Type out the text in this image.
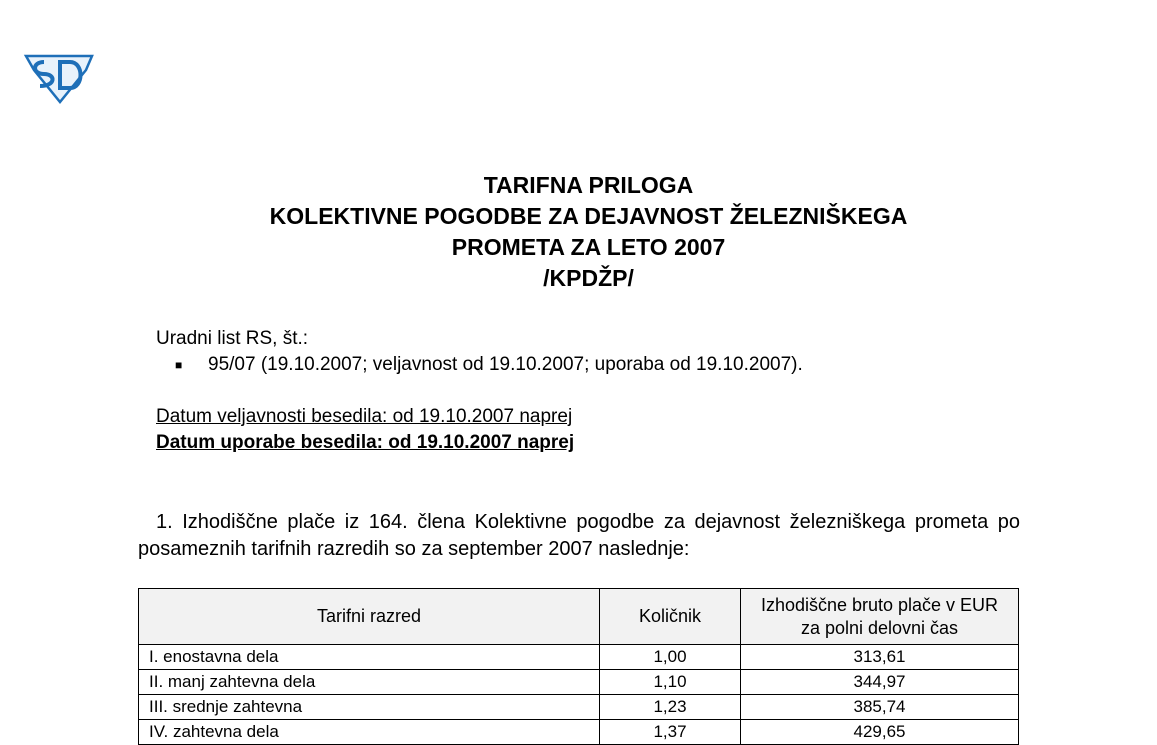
TARIFNA PRILOGA
KOLEKTIVNE POGODBE ZA DEJAVNOST ŽELEZNIŠKEGA
PROMETA ZA LETO 2007
/KPDŽP/
Uradni list RS, št.:
■ 95/07 (19.10.2007; veljavnost od 19.10.2007; uporaba od 19.10.2007).
Datum veljavnosti besedila: od 19.10.2007 naprej
Datum uporabe besedila: od 19.10.2007 naprej
1. Izhodiščne plače iz 164. člena Kolektivne pogodbe za dejavnost železniškega prometa po posameznih tarifnih razredih so za september 2007 naslednje:
Tarifni razred	Količnik	Izhodiščne bruto plače v EUR za polni delovni čas
I. enostavna dela	1,00	313,61
II. manj zahtevna dela	1,10	344,97
III. srednje zahtevna	1,23	385,74
IV. zahtevna dela	1,37	429,65
